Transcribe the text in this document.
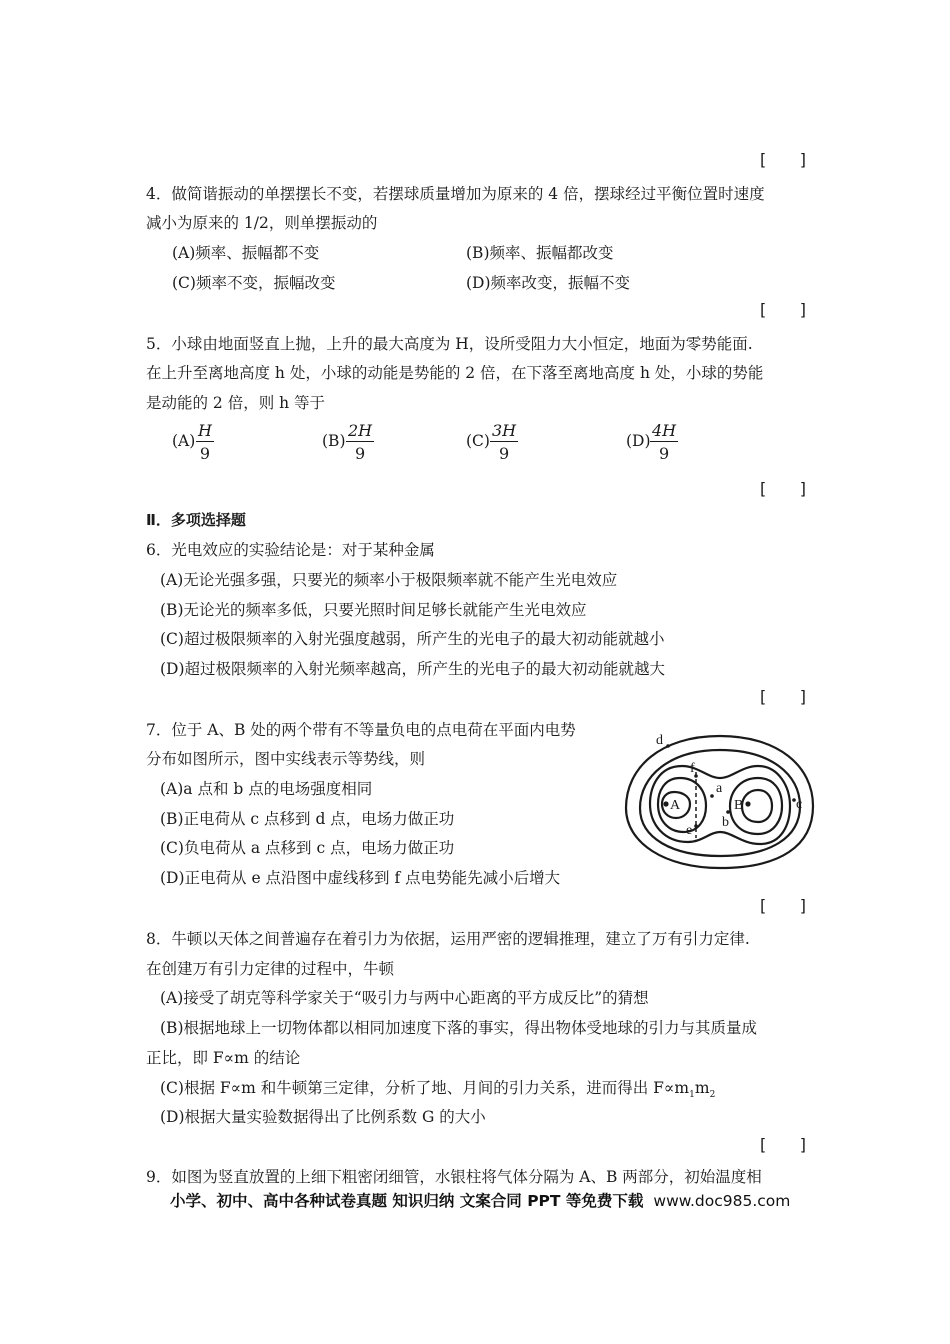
[ ]
4．做简谐振动的单摆摆长不变，若摆球质量增加为原来的 4 倍，摆球经过平衡位置时速度
减小为原来的 1/2，则单摆振动的
(A)频率、振幅都不变	(B)频率、振幅都改变
(C)频率不变，振幅改变	(D)频率改变，振幅不变
[ ]
5．小球由地面竖直上抛，上升的最大高度为 H，设所受阻力大小恒定，地面为零势能面.
在上升至离地高度 h 处，小球的动能是势能的 2 倍，在下落至离地高度 h 处，小球的势能
是动能的 2 倍，则 h 等于
$(A) \frac{H}{9}$	$(B) \frac{2H}{9}$	$(C) \frac{3H}{9}$	$(D) \frac{4H}{9}$
[ ]
Ⅱ．多项选择题
6．光电效应的实验结论是：对于某种金属
(A)无论光强多强，只要光的频率小于极限频率就不能产生光电效应
(B)无论光的频率多低，只要光照时间足够长就能产生光电效应
(C)超过极限频率的入射光强度越弱，所产生的光电子的最大初动能就越小
(D)超过极限频率的入射光频率越高，所产生的光电子的最大初动能就越大
[ ]
7．位于 A、B 处的两个带有不等量负电的点电荷在平面内电势
分布如图所示，图中实线表示等势线，则
(A)a 点和 b 点的电场强度相同
(B)正电荷从 c 点移到 d 点，电场力做正功
(C)负电荷从 a 点移到 c 点，电场力做正功
(D)正电荷从 e 点沿图中虚线移到 f 点电势能先减小后增大
A	B
a
b
c
d
e
f
[ ]
8．牛顿以天体之间普遍存在着引力为依据，运用严密的逻辑推理，建立了万有引力定律.
在创建万有引力定律的过程中，牛顿
(A)接受了胡克等科学家关于“吸引力与两中心距离的平方成反比”的猜想
(B)根据地球上一切物体都以相同加速度下落的事实，得出物体受地球的引力与其质量成
正比，即 F∝m 的结论
(C)根据 F∝m 和牛顿第三定律，分析了地、月间的引力关系，进而得出 $F\propto m_1m_2$
(D)根据大量实验数据得出了比例系数 G 的大小
[ ]
9．如图为竖直放置的上细下粗密闭细管，水银柱将气体分隔为 A、B 两部分，初始温度相
小学、初中、高中各种试卷真题 知识归纳 文案合同 PPT 等免费下载 www.doc985.com
